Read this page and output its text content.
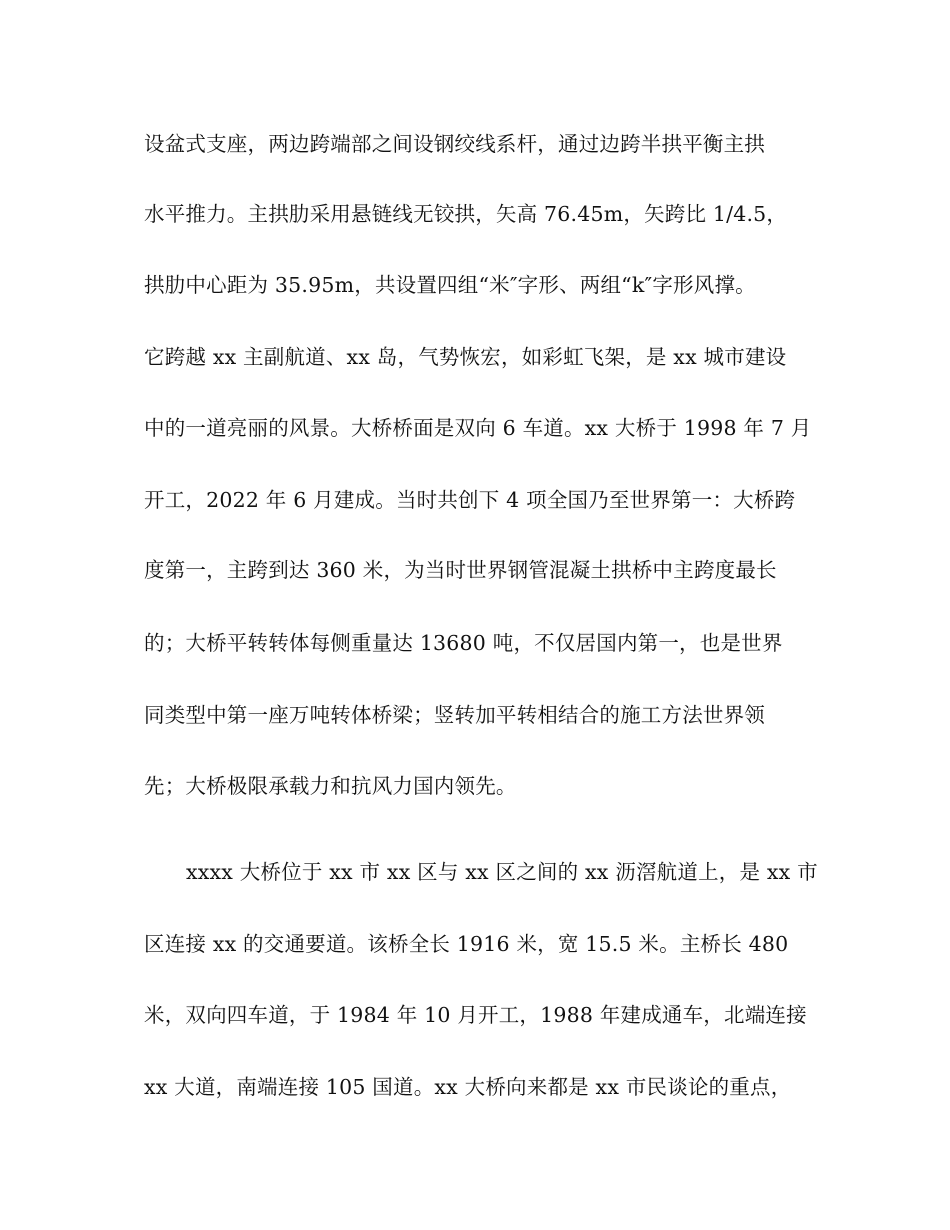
设盆式支座，两边跨端部之间设钢绞线系杆，通过边跨半拱平衡主拱
水平推力。主拱肋采用悬链线无铰拱，矢高 76.45m，矢跨比 1/4.5，
拱肋中心距为 35.95m，共设置四组“米″字形、两组“k″字形风撑。
它跨越 xx 主副航道、xx 岛，气势恢宏，如彩虹飞架，是 xx 城市建设
中的一道亮丽的风景。大桥桥面是双向 6 车道。xx 大桥于 1998 年 7 月
开工，2022 年 6 月建成。当时共创下 4 项全国乃至世界第一：大桥跨
度第一，主跨到达 360 米，为当时世界钢管混凝土拱桥中主跨度最长
的；大桥平转转体每侧重量达 13680 吨，不仅居国内第一，也是世界
同类型中第一座万吨转体桥梁；竖转加平转相结合的施工方法世界领
先；大桥极限承载力和抗风力国内领先。
xxxx 大桥位于 xx 市 xx 区与 xx 区之间的 xx 沥滘航道上，是 xx 市
区连接 xx 的交通要道。该桥全长 1916 米，宽 15.5 米。主桥长 480
米，双向四车道，于 1984 年 10 月开工，1988 年建成通车，北端连接
xx 大道，南端连接 105 国道。xx 大桥向来都是 xx 市民谈论的重点，
